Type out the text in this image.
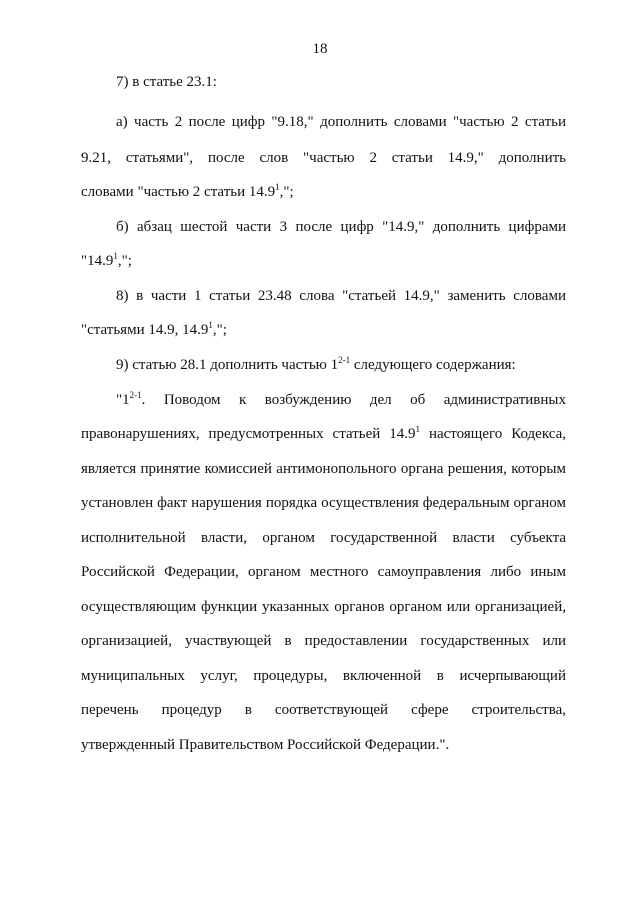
18
7) в статье 23.1:
а) часть 2 после цифр "9.18," дополнить словами "частью 2 статьи
9.21, статьями", после слов "частью 2 статьи 14.9," дополнить
словами "частью 2 статьи 14.9$^1$,";
б) абзац шестой части 3 после цифр "14.9," дополнить цифрами
"14.9$^1$,";
8) в части 1 статьи 23.48 слова "статьей 14.9," заменить словами
"статьями 14.9, 14.9$^1$,";
9) статью 28.1 дополнить частью 1$^{2-1}$ следующего содержания:
"1$^{2-1}$. Поводом к возбуждению дел об административных
правонарушениях, предусмотренных статьей 14.9$^1$ настоящего Кодекса,
является принятие комиссией антимонопольного органа решения, которым
установлен факт нарушения порядка осуществления федеральным органом
исполнительной власти, органом государственной власти субъекта
Российской Федерации, органом местного самоуправления либо иным
осуществляющим функции указанных органов органом или организацией,
организацией, участвующей в предоставлении государственных или
муниципальных услуг, процедуры, включенной в исчерпывающий
перечень процедур в соответствующей сфере строительства,
утвержденный Правительством Российской Федерации.".
